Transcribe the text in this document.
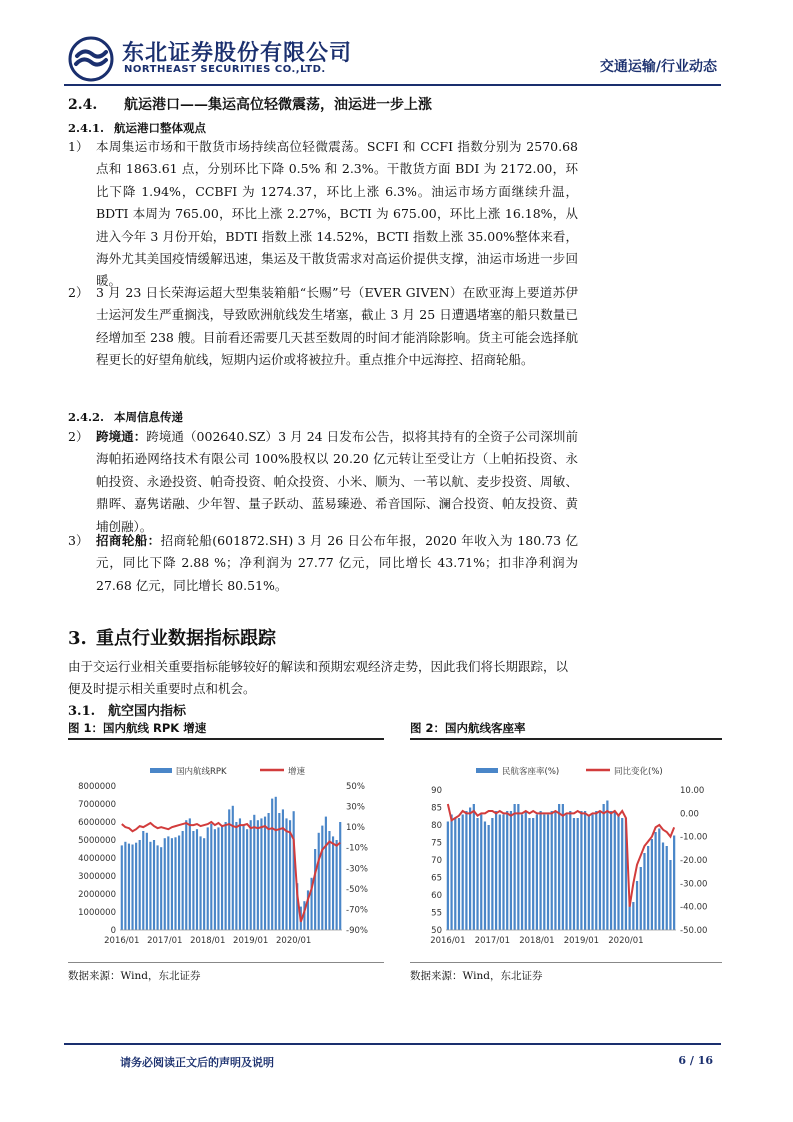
东北证券股份有限公司
NORTHEAST SECURITIES CO.,LTD.	交通运输/行业动态
2.4. 航运港口——集运高位轻微震荡，油运进一步上涨
2.4.1. 航运港口整体观点
1） 本周集运市场和干散货市场持续高位轻微震荡。SCFI 和 CCFI 指数分别为 2570.68 点和 1863.61 点，分别环比下降 0.5% 和 2.3%。干散货方面 BDI 为 2172.00，环比下降 1.94%，CCBFI 为 1274.37，环比上涨 6.3%。油运市场方面继续升温， BDTI 本周为 765.00，环比上涨 2.27%，BCTI 为 675.00，环比上涨 16.18%，从进入今年 3 月份开始，BDTI 指数上涨 14.52%，BCTI 指数上涨 35.00%整体来看，海外尤其美国疫情缓解迅速，集运及干散货需求对高运价提供支撑，油运市场进一步回暖。
2） 3 月 23 日长荣海运超大型集装箱船“长赐”号（EVER GIVEN）在欧亚海上要道苏伊士运河发生严重搁浅，导致欧洲航线发生堵塞，截止 3 月 25 日遭遇堵塞的船只数量已经增加至 238 艘。目前看还需要几天甚至数周的时间才能消除影响。货主可能会选择航程更长的好望角航线，短期内运价或将被拉升。重点推介中远海控、招商轮船。
2.4.2. 本周信息传递
2） 跨境通：跨境通（002640.SZ）3 月 24 日发布公告，拟将其持有的全资子公司深圳前海帕拓逊网络技术有限公司 100%股权以 20.20 亿元转让至受让方（上帕拓投资、永帕投资、永逊投资、帕奇投资、帕众投资、小米、顺为、一苇以航、麦步投资、周敏、鼎晖、嘉隽诺融、少年智、量子跃动、蓝易臻逊、希音国际、澜合投资、帕友投资、黄埔创融）。
3） 招商轮船：招商轮船(601872.SH) 3 月 26 日公布年报，2020 年收入为 180.73 亿元，同比下降 2.88 %；净利润为 27.77 亿元，同比增长 43.71%；扣非净利润为 27.68 亿元，同比增长 80.51%。
3. 重点行业数据指标跟踪
由于交运行业相关重要指标能够较好的解读和预期宏观经济走势，因此我们将长期跟踪，以便及时提示相关重要时点和机会。
3.1. 航空国内指标
图 1：国内航线 RPK 增速
国内航线RPK	增速
0
1000000
2000000
3000000
4000000
5000000
6000000
7000000
8000000
-90%
-70%
-50%
-30%
-10%
10%
30%
50%
2016/01 2017/01 2018/01 2019/01 2020/01
数据来源：Wind，东北证券
图 2：国内航线客座率
民航客座率(%)	同比变化(%)
50
55
60
65
70
75
80
85
90
-50.00
-40.00
-30.00
-20.00
-10.00
0.00
10.00
2016/01 2017/01 2018/01 2019/01 2020/01
数据来源：Wind，东北证券
请务必阅读正文后的声明及说明	6 / 16
